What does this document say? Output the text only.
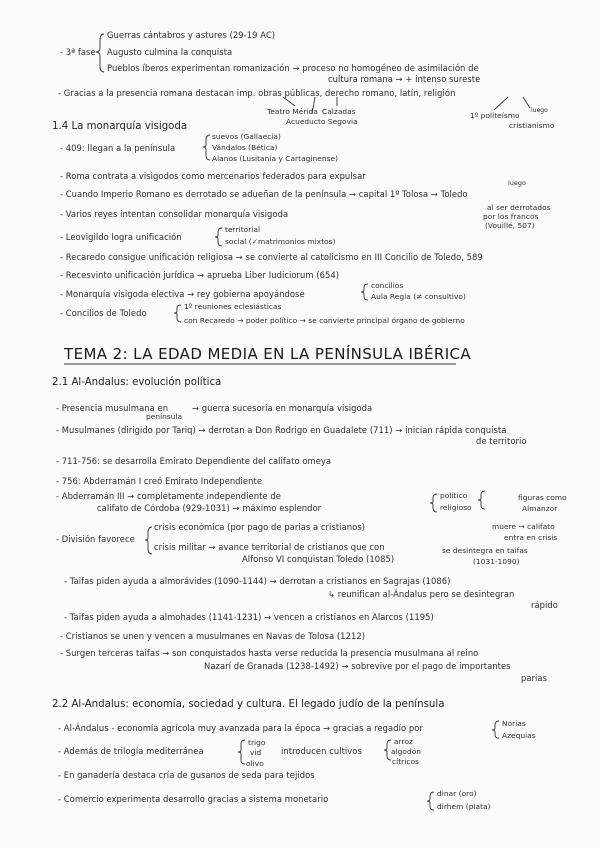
- 3ª fase
Guerras cántabros y astures (29-19 AC)
Augusto culmina la conquista
Pueblos íberos experimentan romanización → proceso no homogéneo de asimilación de
cultura romana → + intenso sureste
- Gracias a la presencia romana destacan imp. obras públicas, derecho romano, latín, religión
Teatro Mérida Calzadas
Acueducto Segovia
1º politeísmo
luego
cristianismo
1.4 La monarquía visigoda
- 409: llegan a la península
suevos (Gallaecia)
Vándalos (Bética)
Alanos (Lusitania y Cartaginense)
- Roma contrata a visigodos como mercenarios federados para expulsar
- Cuando Imperio Romano es derrotado se adueñan de la península → capital 1º Tolosa → Toledo
luego
al ser derrotados
por los francos
(Vouillé, 507)
- Varios reyes intentan consolidar monarquía visigoda
- Leovigildo logra unificación
territorial
social (✓matrimonios mixtos)
- Recaredo consigue unificación religiosa → se convierte al catolicismo en III Concilio de Toledo, 589
- Recesvinto unificación jurídica → aprueba Liber Iudiciorum (654)
- Monarquía visigoda electiva → rey gobierna apoyándose
concilios
Aula Regia (≠ consultivo)
- Concilios de Toledo
1º reuniones eclesiásticas
con Recaredo → poder político → se convierte principal órgano de gobierno
TEMA 2: LA EDAD MEDIA EN LA PENÍNSULA IBÉRICA
2.1 Al-Andalus: evolución política
- Presencia musulmana en
península
→ guerra sucesoria en monarquía visigoda
- Musulmanes (dirigido por Tariq) → derrotan a Don Rodrigo en Guadalete (711) → inician rápida conquista
de territorio
- 711-756: se desarrolla Emirato Dependiente del califato omeya
- 756: Abderramán I creó Emirato Independiente
- Abderramán III → completamente independiente de
califato de Córdoba (929-1031) → máximo esplendor
político
religioso
figuras como
Almanzor
muere → califato
entra en crisis
se desintegra en taifas
(1031-1090)
- División favorece
crisis económica (por pago de parias a cristianos)
crisis militar → avance territorial de cristianos que con
Alfonso VI conquistan Toledo (1085)
- Taifas piden ayuda a almorávides (1090-1144) → derrotan a cristianos en Sagrajas (1086)
↳ reunifican al-Ándalus pero se desintegran
rápido
- Taifas piden ayuda a almohades (1141-1231) → vencen a cristianos en Alarcos (1195)
- Cristianos se unen y vencen a musulmanes en Navas de Tolosa (1212)
- Surgen terceras taifas → son conquistados hasta verse reducida la presencia musulmana al reino
Nazarí de Granada (1238-1492) → sobrevive por el pago de importantes
parias
2.2 Al-Andalus: economía, sociedad y cultura. El legado judío de la península
- Al-Ándalus - economía agrícola muy avanzada para la época → gracias a regadío por	Norias
Azequias
- Además de trilogía mediterránea
trigo
vid
olivo
introducen cultivos
arroz
algodón
cítricos
- En ganadería destaca cría de gusanos de seda para tejidos
- Comercio experimenta desarrollo gracias a sistema monetario
dinar (oro)
dirhem (plata)
